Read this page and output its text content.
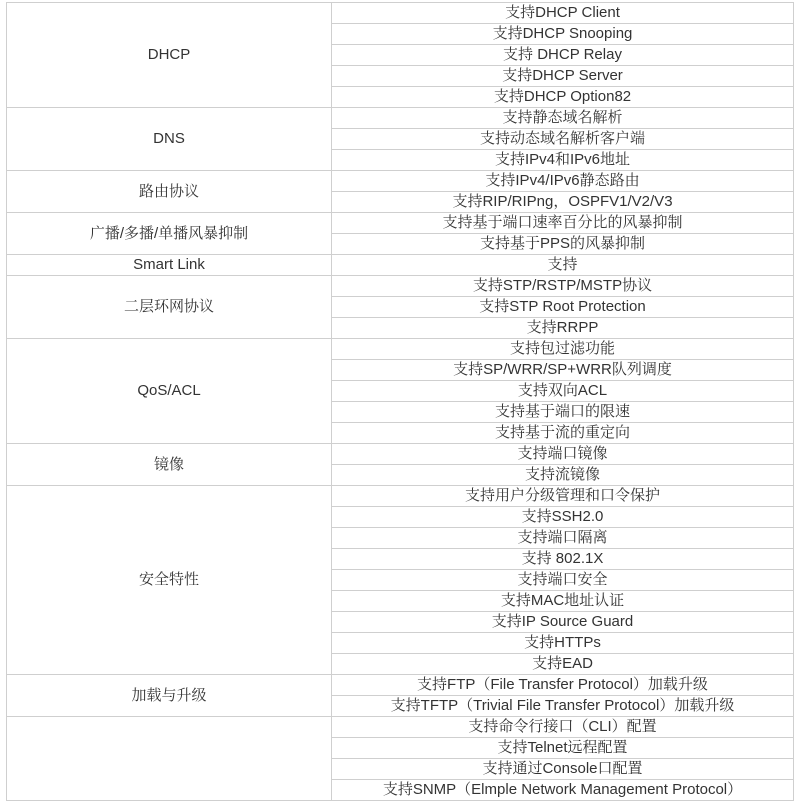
DHCP	支持DHCP Client
	支持DHCP Snooping
	支持 DHCP Relay
	支持DHCP Server
	支持DHCP Option82
DNS	支持静态域名解析
	支持动态域名解析客户端
	支持IPv4和IPv6地址
路由协议	支持IPv4/IPv6静态路由
	支持RIP/RIPng，OSPFV1/V2/V3
广播/多播/单播风暴抑制	支持基于端口速率百分比的风暴抑制
	支持基于PPS的风暴抑制
Smart Link	支持
二层环网协议	支持STP/RSTP/MSTP协议
	支持STP Root Protection
	支持RRPP
QoS/ACL	支持包过滤功能
	支持SP/WRR/SP+WRR队列调度
	支持双向ACL
	支持基于端口的限速
	支持基于流的重定向
镜像	支持端口镜像
	支持流镜像
安全特性	支持用户分级管理和口令保护
	支持SSH2.0
	支持端口隔离
	支持 802.1X
	支持端口安全
	支持MAC地址认证
	支持IP Source Guard
	支持HTTPs
	支持EAD
加载与升级	支持FTP（File Transfer Protocol）加载升级
	支持TFTP（Trivial File Transfer Protocol）加载升级
	支持命令行接口（CLI）配置
	支持Telnet远程配置
	支持通过Console口配置
	支持SNMP（Elmple Network Management Protocol）
